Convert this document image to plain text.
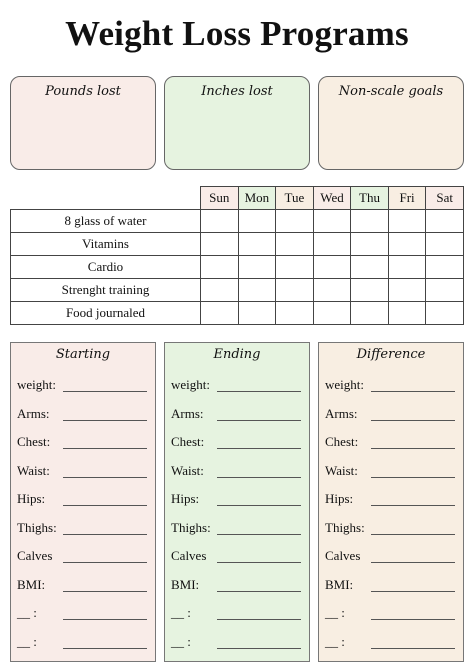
Weight Loss Programs
Pounds lost	Inches lost	Non-scale goals
	Sun	Mon	Tue	Wed	Thu	Fri	Sat
8 glass of water							
Vitamins							
Cardio							
Strenght training							
Food journaled							
Starting
weight:
Arms:
Chest:
Waist:
Hips:
Thighs:
Calves
BMI:
__ :
__ :
Ending
weight:
Arms:
Chest:
Waist:
Hips:
Thighs:
Calves
BMI:
__ :
__ :
Difference
weight:
Arms:
Chest:
Waist:
Hips:
Thighs:
Calves
BMI:
__ :
__ :
